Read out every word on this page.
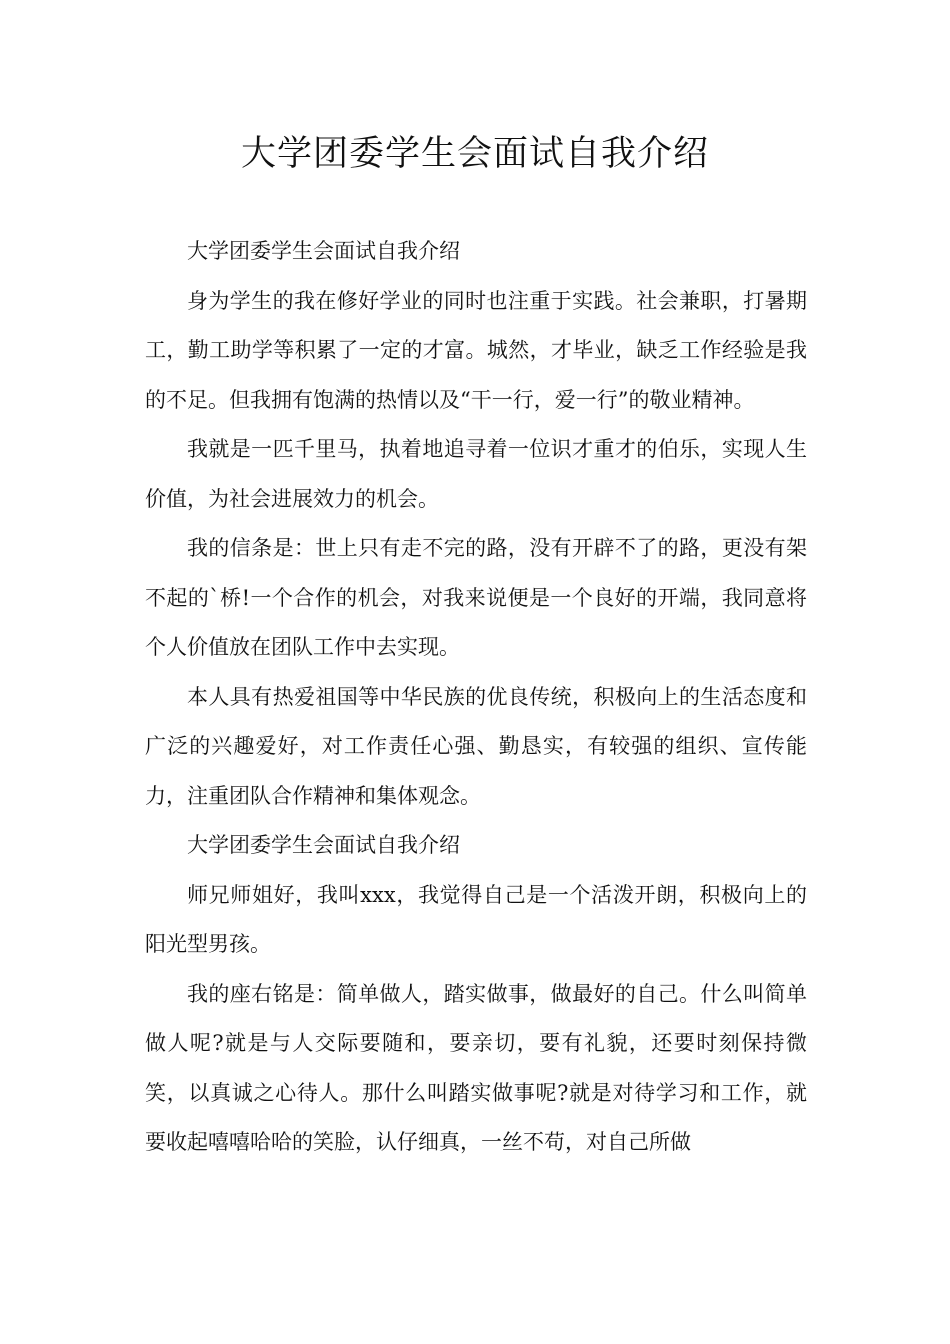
大学团委学生会面试自我介绍

大学团委学生会面试自我介绍

身为学生的我在修好学业的同时也注重于实践。社会兼职，打暑期工，勤工助学等积累了一定的才富。城然，才毕业，缺乏工作经验是我的不足。但我拥有饱满的热情以及“干一行，爱一行”的敬业精神。

我就是一匹千里马，执着地追寻着一位识才重才的伯乐，实现人生价值，为社会进展效力的机会。

我的信条是：世上只有走不完的路，没有开辟不了的路，更没有架不起的`桥!一个合作的机会，对我来说便是一个良好的开端，我同意将个人价值放在团队工作中去实现。

本人具有热爱祖国等中华民族的优良传统，积极向上的生活态度和广泛的兴趣爱好，对工作责任心强、勤恳实，有较强的组织、宣传能力，注重团队合作精神和集体观念。

大学团委学生会面试自我介绍

师兄师姐好，我叫xxx，我觉得自己是一个活泼开朗，积极向上的阳光型男孩。

我的座右铭是：简单做人，踏实做事，做最好的自己。什么叫简单做人呢?就是与人交际要随和，要亲切，要有礼貌，还要时刻保持微笑，以真诚之心待人。那什么叫踏实做事呢?就是对待学习和工作，就要收起嘻嘻哈哈的笑脸，认仔细真，一丝不苟，对自己所做
